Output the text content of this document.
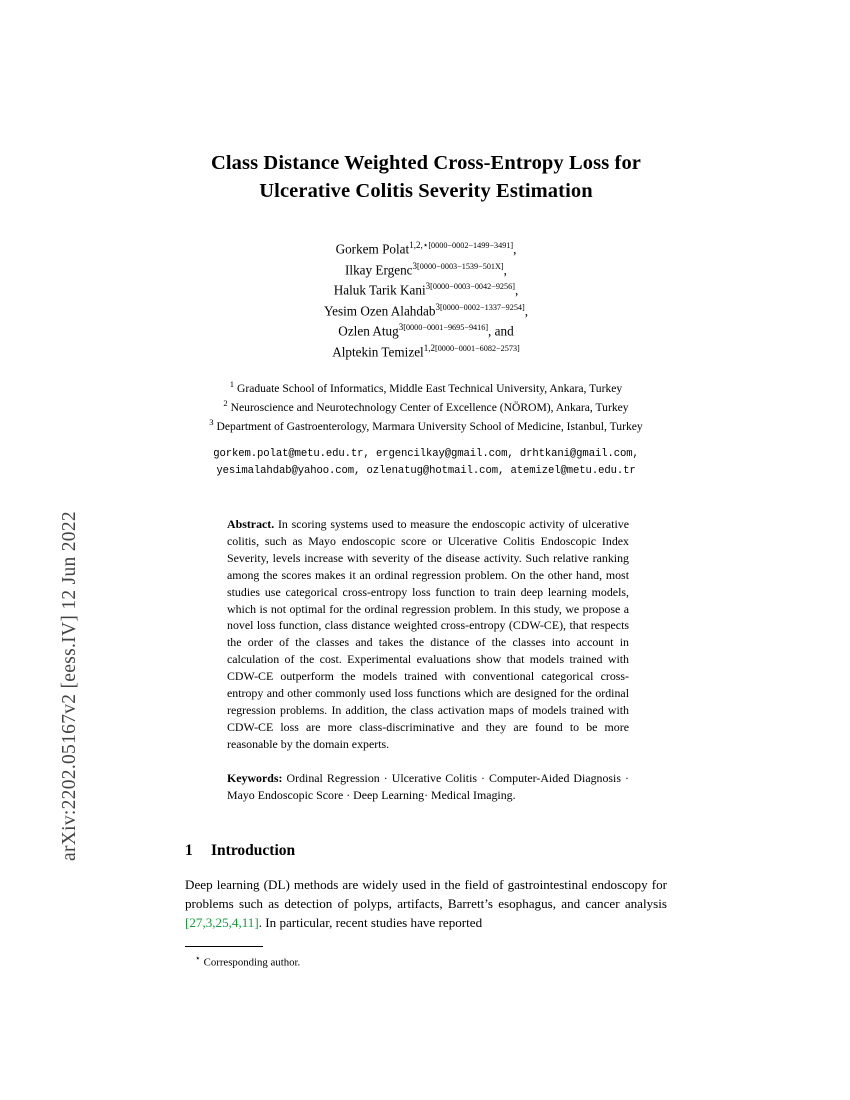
arXiv:2202.05167v2 [eess.IV] 12 Jun 2022
Class Distance Weighted Cross-Entropy Loss for Ulcerative Colitis Severity Estimation
Gorkem Polat$^{1,2,⋆[0000-0002-1499-3491]}$,
Ilkay Ergenc$^{3[0000-0003-1539-501X]}$,
Haluk Tarik Kani$^{3[0000-0003-0042-9256]}$,
Yesim Ozen Alahdab$^{3[0000-0002-1337-9254]}$,
Ozlen Atug$^{3[0000-0001-9695-9416]}$, and
Alptekin Temizel$^{1,2[0000-0001-6082-2573]}$
$^1$ Graduate School of Informatics, Middle East Technical University, Ankara, Turkey
$^2$ Neuroscience and Neurotechnology Center of Excellence (NÖROM), Ankara, Turkey
$^3$ Department of Gastroenterology, Marmara University School of Medicine, Istanbul, Turkey
gorkem.polat@metu.edu.tr, ergencilkay@gmail.com, drhtkani@gmail.com,
yesimalahdab@yahoo.com, ozlenatug@hotmail.com, atemizel@metu.edu.tr
Abstract. In scoring systems used to measure the endoscopic activity of ulcerative colitis, such as Mayo endoscopic score or Ulcerative Colitis Endoscopic Index Severity, levels increase with severity of the disease activity. Such relative ranking among the scores makes it an ordinal regression problem. On the other hand, most studies use categorical cross-entropy loss function to train deep learning models, which is not optimal for the ordinal regression problem. In this study, we propose a novel loss function, class distance weighted cross-entropy (CDW-CE), that respects the order of the classes and takes the distance of the classes into account in calculation of the cost. Experimental evaluations show that models trained with CDW-CE outperform the models trained with conventional categorical cross-entropy and other commonly used loss functions which are designed for the ordinal regression problems. In addition, the class activation maps of models trained with CDW-CE loss are more class-discriminative and they are found to be more reasonable by the domain experts.
Keywords: Ordinal Regression · Ulcerative Colitis · Computer-Aided Diagnosis · Mayo Endoscopic Score · Deep Learning· Medical Imaging.
1 Introduction
Deep learning (DL) methods are widely used in the field of gastrointestinal endoscopy for problems such as detection of polyps, artifacts, Barrett’s esophagus, and cancer analysis [27,3,25,4,11]. In particular, recent studies have reported
⋆ Corresponding author.
